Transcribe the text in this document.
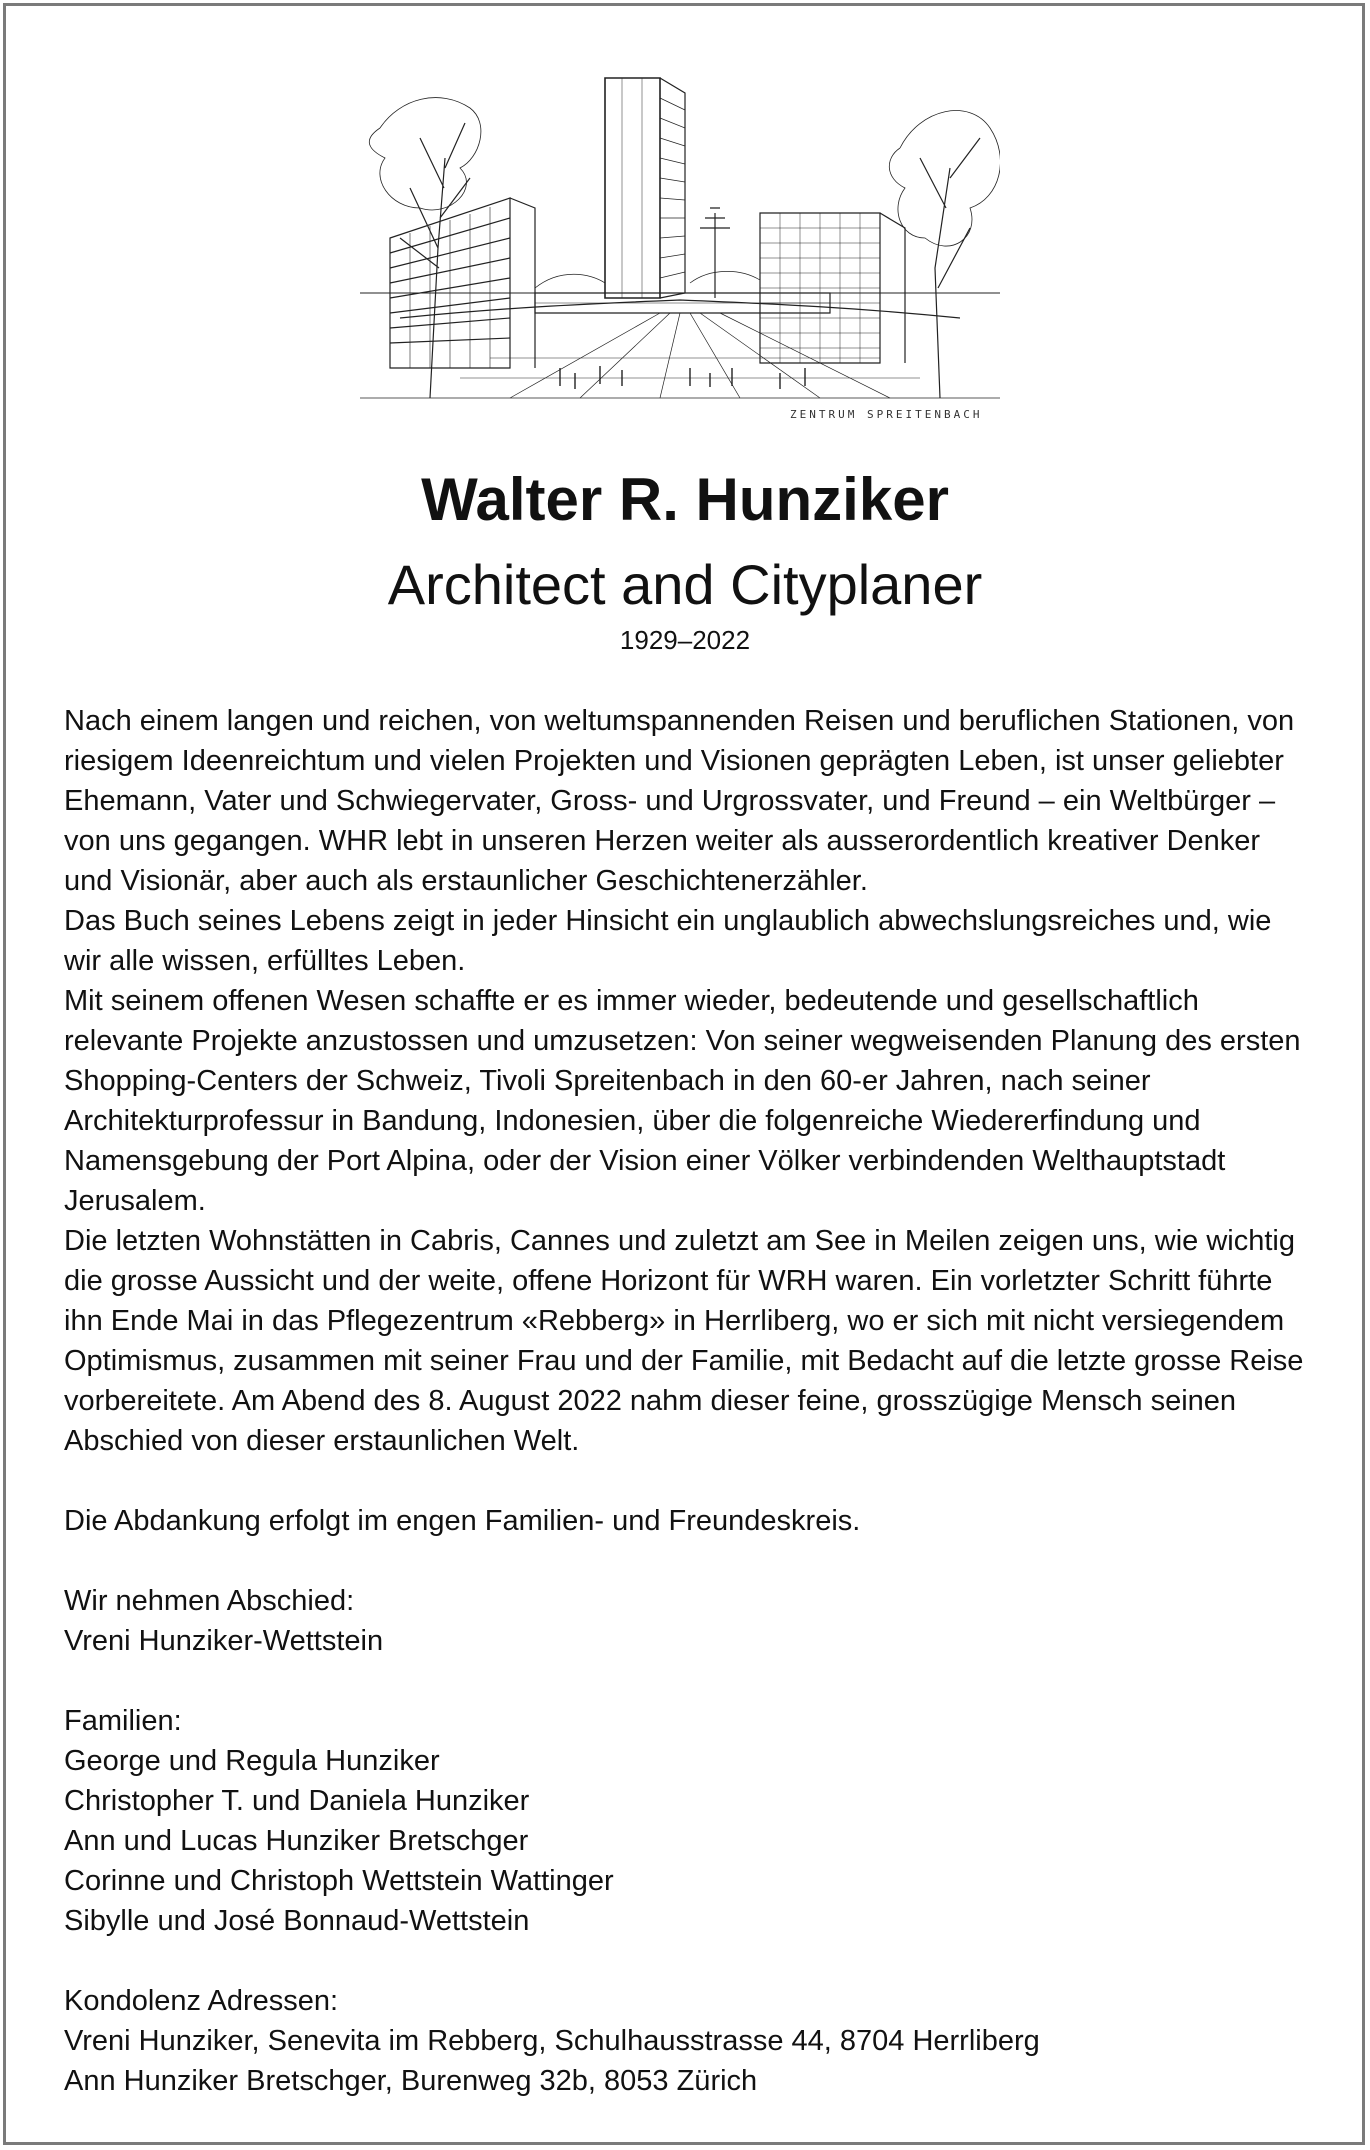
ZENTRUM SPREITENBACH
Walter R. Hunziker
Architect and Cityplaner
1929–2022

Nach einem langen und reichen, von weltumspannenden Reisen und beruflichen Stationen, von riesigem Ideenreichtum und vielen Projekten und Visionen geprägten Leben, ist unser geliebter Ehemann, Vater und Schwiegervater, Gross- und Urgrossvater, und Freund – ein Weltbürger – von uns gegangen. WHR lebt in unseren Herzen weiter als ausserordentlich kreativer Denker und Visionär, aber auch als erstaunlicher Geschichtenerzähler.

Das Buch seines Lebens zeigt in jeder Hinsicht ein unglaublich abwechslungsreiches und, wie wir alle wissen, erfülltes Leben.

Mit seinem offenen Wesen schaffte er es immer wieder, bedeutende und gesellschaftlich relevante Projekte anzustossen und umzusetzen: Von seiner wegweisenden Planung des ersten Shopping-Centers der Schweiz, Tivoli Spreitenbach in den 60-er Jahren, nach seiner Architekturprofessur in Bandung, Indonesien, über die folgenreiche Wiedererfindung und Namensgebung der Port Alpina, oder der Vision einer Völker verbindenden Welthauptstadt Jerusalem.

Die letzten Wohnstätten in Cabris, Cannes und zuletzt am See in Meilen zeigen uns, wie wichtig die grosse Aussicht und der weite, offene Horizont für WRH waren. Ein vorletzter Schritt führte ihn Ende Mai in das Pflegezentrum «Rebberg» in Herrliberg, wo er sich mit nicht versiegendem Optimismus, zusammen mit seiner Frau und der Familie, mit Bedacht auf die letzte grosse Reise vorbereitete. Am Abend des 8. August 2022 nahm dieser feine, grosszügige Mensch seinen Abschied von dieser erstaunlichen Welt.

Die Abdankung erfolgt im engen Familien- und Freundeskreis.

Wir nehmen Abschied:
Vreni Hunziker-Wettstein
Familien:
George und Regula Hunziker
Christopher T. und Daniela Hunziker
Ann und Lucas Hunziker Bretschger
Corinne und Christoph Wettstein Wattinger
Sibylle und José Bonnaud-Wettstein
Kondolenz Adressen:
Vreni Hunziker, Senevita im Rebberg, Schulhausstrasse 44, 8704 Herrliberg
Ann Hunziker Bretschger, Burenweg 32b, 8053 Zürich
